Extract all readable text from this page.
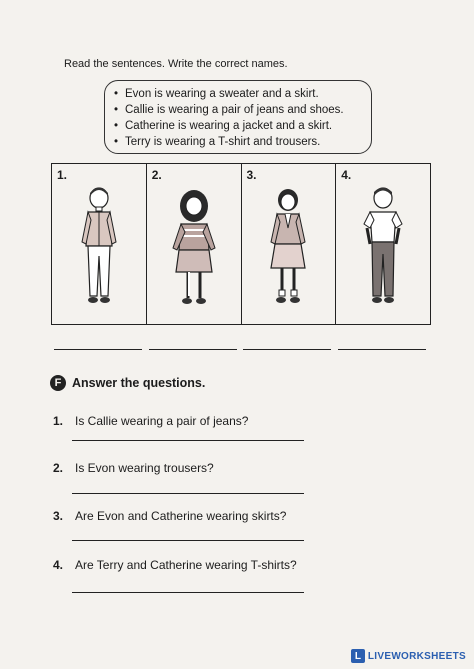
Read the sentences. Write the correct names.
• Evon is wearing a sweater and a skirt.
• Callie is wearing a pair of jeans and shoes.
• Catherine is wearing a jacket and a skirt.
• Terry is wearing a T-shirt and trousers.
1.	2.	3.	4.
F Answer the questions.
1. Is Callie wearing a pair of jeans?
2. Is Evon wearing trousers?
3. Are Evon and Catherine wearing skirts?
4. Are Terry and Catherine wearing T-shirts?
L LIVEWORKSHEETS
